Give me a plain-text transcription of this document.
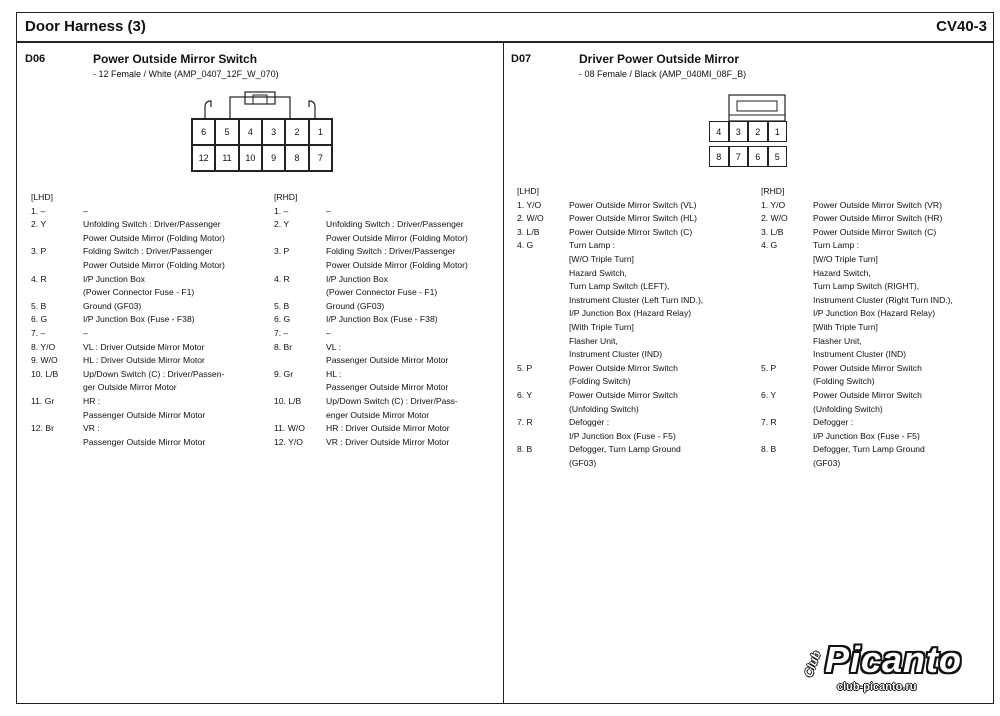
Door Harness (3)	CV40-3
D06	Power Outside Mirror Switch
- 12 Female / White (AMP_0407_12F_W_070)
6	5	4	3	2	1
12	11	10	9	8	7
[LHD]
1. –	–
2. Y	Unfolding Switch : Driver/Passenger
Power Outside Mirror (Folding Motor)
3. P	Folding Switch : Driver/Passenger
Power Outside Mirror (Folding Motor)
4. R	I/P Junction Box
(Power Connector Fuse - F1)
5. B	Ground (GF03)
6. G	I/P Junction Box (Fuse - F38)
7. –	–
8. Y/O	VL : Driver Outside Mirror Motor
9. W/O	HL : Driver Outside Mirror Motor
10. L/B	Up/Down Switch (C) : Driver/Passen-
ger Outside Mirror Motor
11. Gr	HR :
Passenger Outside Mirror Motor
12. Br	VR :
Passenger Outside Mirror Motor
[RHD]
1. –	–
2. Y	Unfolding Switch : Driver/Passenger
Power Outside Mirror (Folding Motor)
3. P	Folding Switch : Driver/Passenger
Power Outside Mirror (Folding Motor)
4. R	I/P Junction Box
(Power Connector Fuse - F1)
5. B	Ground (GF03)
6. G	I/P Junction Box (Fuse - F38)
7. –	–
8. Br	VL :
Passenger Outside Mirror Motor
9. Gr	HL :
Passenger Outside Mirror Motor
10. L/B	Up/Down Switch (C) : Driver/Pass-
enger Outside Mirror Motor
11. W/O	HR : Driver Outside Mirror Motor
12. Y/O	VR : Driver Outside Mirror Motor
D07	Driver Power Outside Mirror
- 08 Female / Black (AMP_040MI_08F_B)
4	3	2	1
8	7	6	5
[LHD]
1. Y/O	Power Outside Mirror Switch (VL)
2. W/O	Power Outside Mirror Switch (HL)
3. L/B	Power Outside Mirror Switch (C)
4. G	Turn Lamp :
[W/O Triple Turn]
Hazard Switch,
Turn Lamp Switch (LEFT),
Instrument Cluster (Left Turn IND.),
I/P Junction Box (Hazard Relay)
[With Triple Turn]
Flasher Unit,
Instrument Cluster (IND)
5. P	Power Outside Mirror Switch
(Folding Switch)
6. Y	Power Outside Mirror Switch
(Unfolding Switch)
7. R	Defogger :
I/P Junction Box (Fuse - F5)
8. B	Defogger, Turn Lamp Ground
(GF03)
[RHD]
1. Y/O	Power Outside Mirror Switch (VR)
2. W/O	Power Outside Mirror Switch (HR)
3. L/B	Power Outside Mirror Switch (C)
4. G	Turn Lamp :
[W/O Triple Turn]
Hazard Switch,
Turn Lamp Switch (RIGHT),
Instrument Cluster (Right Turn IND.),
I/P Junction Box (Hazard Relay)
[With Triple Turn]
Flasher Unit,
Instrument Cluster (IND)
5. P	Power Outside Mirror Switch
(Folding Switch)
6. Y	Power Outside Mirror Switch
(Unfolding Switch)
7. R	Defogger :
I/P Junction Box (Fuse - F5)
8. B	Defogger, Turn Lamp Ground
(GF03)
Club Picanto
club-picanto.ru
